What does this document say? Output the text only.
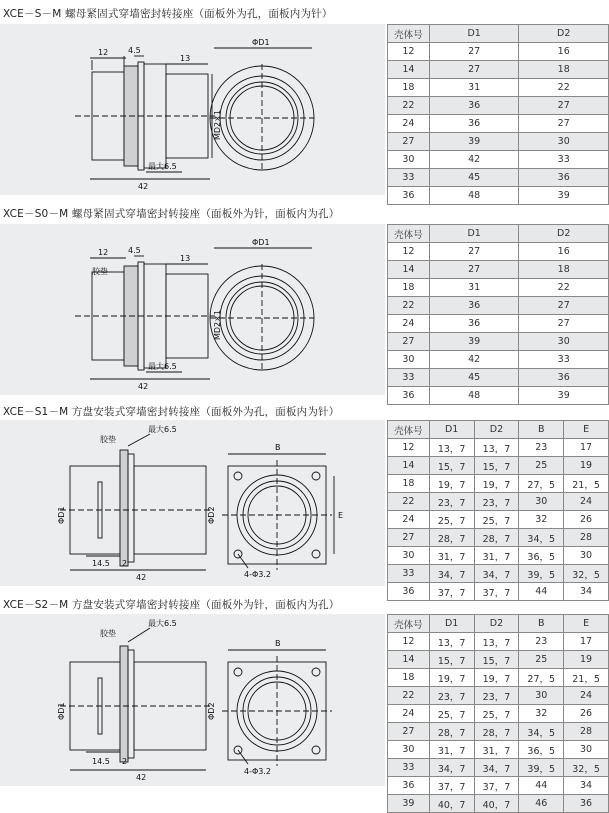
XCE－S－M 螺母紧固式穿墙密封转接座（面板外为孔，面板内为针）
12 4.5
13
ΦD1
MD2×1
最大6.5
42
壳体号	D1	D2
12	27	16
14	27	18
18	31	22
22	36	27
24	36	27
27	39	30
30	42	33
33	45	36
36	48	39
XCE－S0－M 螺母紧固式穿墙密封转接座（面板外为针，面板内为孔）
12 4.5
胶垫
13
ΦD1
MD2×1
最大6.5
42
壳体号	D1	D2
12	27	16
14	27	18
18	31	22
22	36	27
24	36	27
27	39	30
30	42	33
33	45	36
36	48	39
XCE－S1－M 方盘安装式穿墙密封转接座（面板外为孔，面板内为针）
胶垫
最大6.5
ΦD1	ΦD2
14.5 2
42
B
E
4-Φ3.2
壳体号	D1	D2	B	E
12	13，7	13，7	23	17
14	15，7	15，7	25	19
18	19，7	19，7	27，5	21，5
22	23，7	23，7	30	24
24	25，7	25，7	32	26
27	28，7	28，7	34，5	28
30	31，7	31，7	36，5	30
33	34，7	34，7	39，5	32，5
36	37，7	37，7	44	34
XCE－S2－M 方盘安装式穿墙密封转接座（面板外为针，面板内为孔）
胶垫
最大6.5
ΦD1	ΦD2
14.5 2
42
B
4-Φ3.2
壳体号	D1	D2	B	E
12	13，7	13，7	23	17
14	15，7	15，7	25	19
18	19，7	19，7	27，5	21，5
22	23，7	23，7	30	24
24	25，7	25，7	32	26
27	28，7	28，7	34，5	28
30	31，7	31，7	36，5	30
33	34，7	34，7	39，5	32，5
36	37，7	37，7	44	34
39	40，7	40，7	46	36
